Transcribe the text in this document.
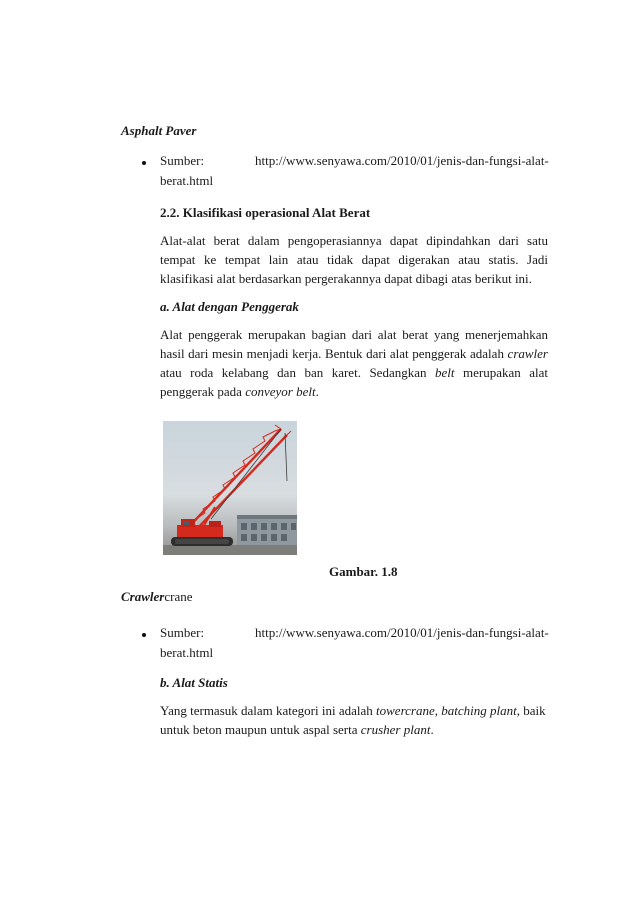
Asphalt Paver
Sumber:	http://www.senyawa.com/2010/01/jenis-dan-fungsi-alat-
berat.html
2.2. Klasifikasi operasional Alat Berat
Alat-alat berat dalam pengoperasiannya dapat dipindahkan dari satu tempat ke tempat lain atau tidak dapat digerakan atau statis. Jadi klasifikasi alat berdasarkan pergerakannya dapat dibagi atas berikut ini.
a. Alat dengan Penggerak
Alat penggerak merupakan bagian dari alat berat yang menerjemahkan hasil dari mesin menjadi kerja. Bentuk dari alat penggerak adalah crawler atau roda kelabang dan ban karet. Sedangkan belt merupakan alat penggerak pada conveyor belt.
Gambar. 1.8
Crawlercrane
Sumber:	http://www.senyawa.com/2010/01/jenis-dan-fungsi-alat-
berat.html
b. Alat Statis
Yang termasuk dalam kategori ini adalah towercrane, batching plant, baik untuk beton maupun untuk aspal serta crusher plant.
